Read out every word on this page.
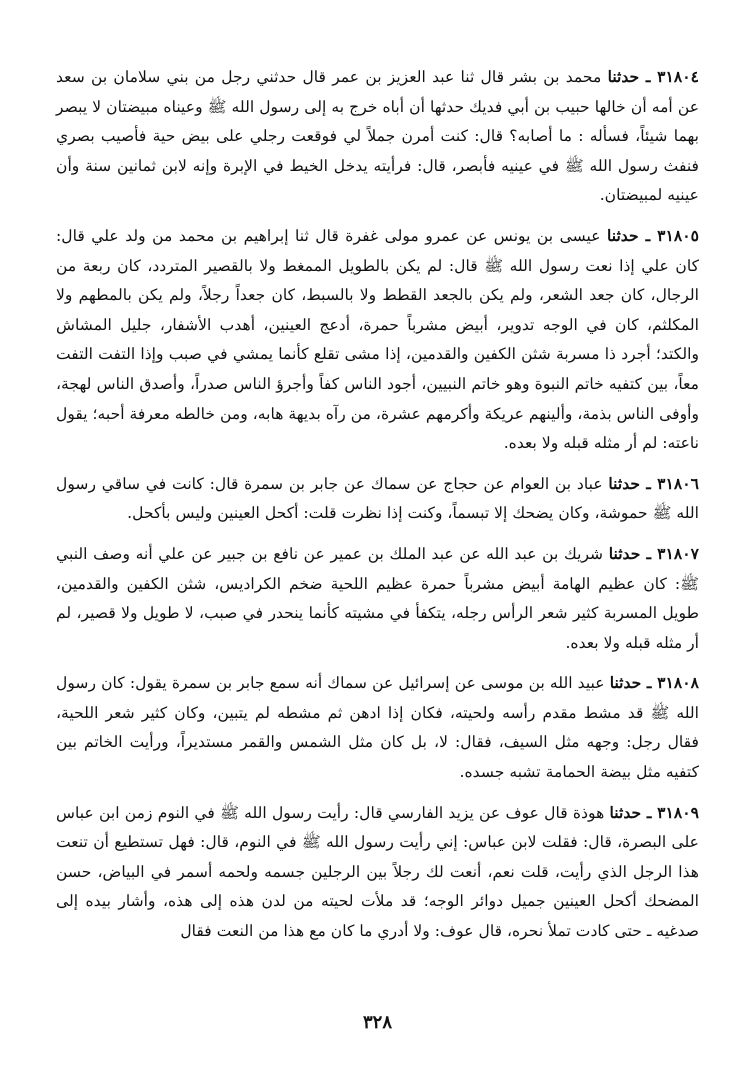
٣١٨٠٤ ـ حدثنا محمد بن بشر قال ثنا عبد العزيز بن عمر قال حدثني رجل من بني سلامان بن سعد عن أمه أن خالها حبيب بن أبي فديك حدثها أن أباه خرج به إلى رسول الله ﷺ وعيناه مبيضتان لا يبصر بهما شيئاً، فسأله : ما أصابه؟ قال: كنت أمرن جملاً لي فوقعت رجلي على بيض حية فأصيب بصري فنفث رسول الله ﷺ في عينيه فأبصر، قال: فرأيته يدخل الخيط في الإبرة وإنه لابن ثمانين سنة وأن عينيه لمبيضتان.

٣١٨٠٥ ـ حدثنا عيسى بن يونس عن عمرو مولى غفرة قال ثنا إبراهيم بن محمد من ولد علي قال: كان علي إذا نعت رسول الله ﷺ قال: لم يكن بالطويل الممغط ولا بالقصير المتردد، كان ربعة من الرجال، كان جعد الشعر، ولم يكن بالجعد القطط ولا بالسبط، كان جعداً رجلاً، ولم يكن بالمطهم ولا المكلثم، كان في الوجه تدوير، أبيض مشرباً حمرة، أدعج العينين، أهدب الأشفار، جليل المشاش والكتد؛ أجرد ذا مسربة شثن الكفين والقدمين، إذا مشى تقلع كأنما يمشي في صبب وإذا التفت التفت معاً، بين كتفيه خاتم النبوة وهو خاتم النبيين، أجود الناس كفاً وأجرؤ الناس صدراً، وأصدق الناس لهجة، وأوفى الناس بذمة، وألينهم عريكة وأكرمهم عشرة، من رآه بديهة هابه، ومن خالطه معرفة أحبه؛ يقول ناعته: لم أر مثله قبله ولا بعده.

٣١٨٠٦ ـ حدثنا عباد بن العوام عن حجاج عن سماك عن جابر بن سمرة قال: كانت في ساقي رسول الله ﷺ حموشة، وكان يضحك إلا تبسماً، وكنت إذا نظرت قلت: أكحل العينين وليس بأكحل.

٣١٨٠٧ ـ حدثنا شريك بن عبد الله عن عبد الملك بن عمير عن نافع بن جبير عن علي أنه وصف النبي ﷺ: كان عظيم الهامة أبيض مشرباً حمرة عظيم اللحية ضخم الكراديس، شثن الكفين والقدمين، طويل المسربة كثير شعر الرأس رجله، يتكفأ في مشيته كأنما ينحدر في صبب، لا طويل ولا قصير، لم أر مثله قبله ولا بعده.

٣١٨٠٨ ـ حدثنا عبيد الله بن موسى عن إسرائيل عن سماك أنه سمع جابر بن سمرة يقول: كان رسول الله ﷺ قد مشط مقدم رأسه ولحيته، فكان إذا ادهن ثم مشطه لم يتبين، وكان كثير شعر اللحية، فقال رجل: وجهه مثل السيف، فقال: لا، بل كان مثل الشمس والقمر مستديراً، ورأيت الخاتم بين كتفيه مثل بيضة الحمامة تشبه جسده.

٣١٨٠٩ ـ حدثنا هوذة قال عوف عن يزيد الفارسي قال: رأيت رسول الله ﷺ في النوم زمن ابن عباس على البصرة، قال: فقلت لابن عباس: إني رأيت رسول الله ﷺ في النوم، قال: فهل تستطيع أن تنعت هذا الرجل الذي رأيت، قلت نعم، أنعت لك رجلاً بين الرجلين جسمه ولحمه أسمر في البياض، حسن المضحك أكحل العينين جميل دوائر الوجه؛ قد ملأت لحيته من لدن هذه إلى هذه، وأشار بيده إلى صدغيه ـ حتى كادت تملأ نحره، قال عوف: ولا أدري ما كان مع هذا من النعت فقال

٣٢٨
